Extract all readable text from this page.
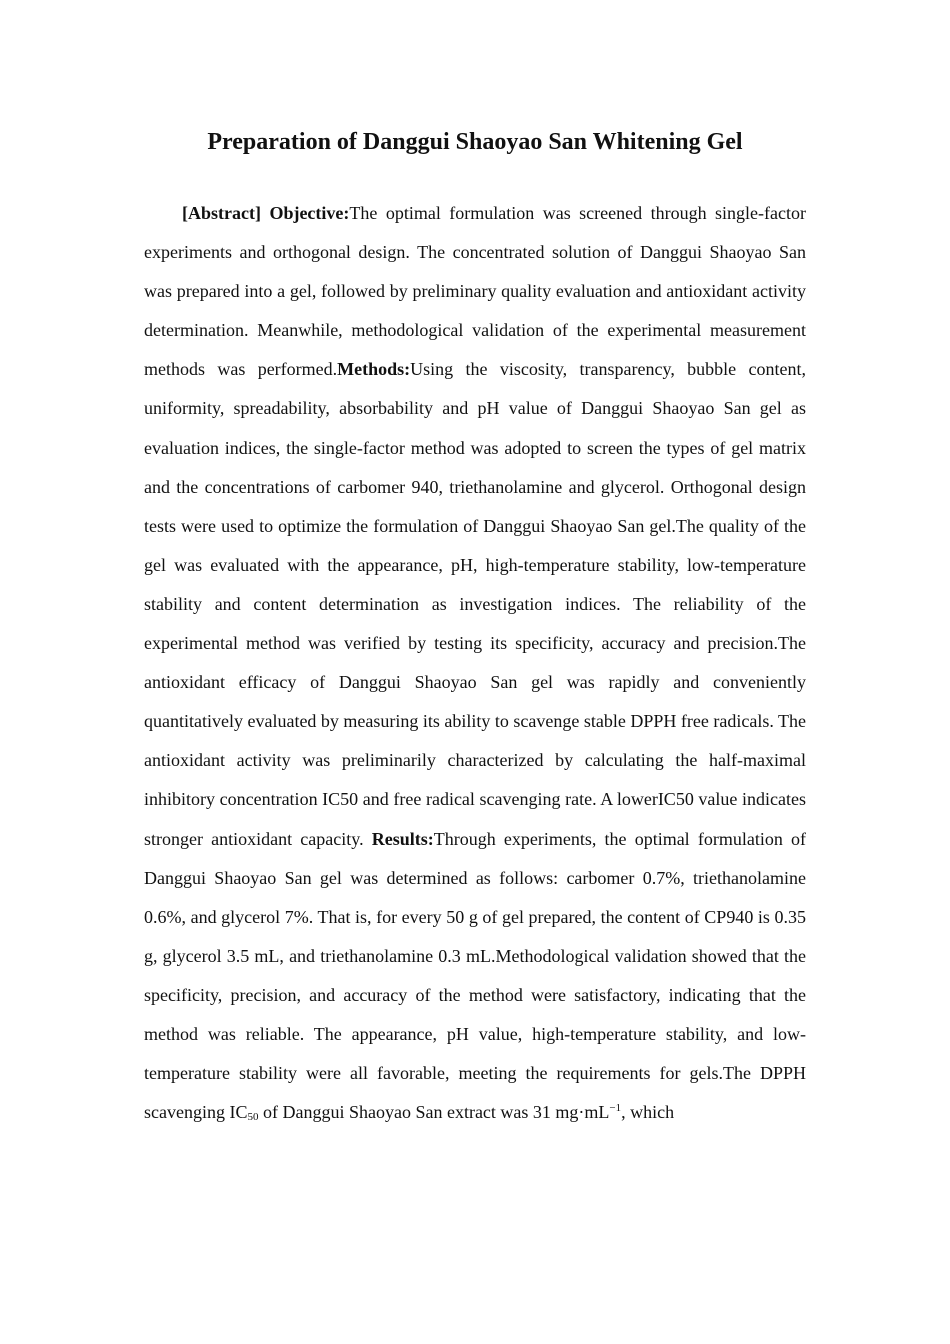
Preparation of Danggui Shaoyao San Whitening Gel

[Abstract] Objective:The optimal formulation was screened through single-factor experiments and orthogonal design. The concentrated solution of Danggui Shaoyao San was prepared into a gel, followed by preliminary quality evaluation and antioxidant activity determination. Meanwhile, methodological validation of the experimental measurement methods was performed.Methods:Using the viscosity, transparency, bubble content, uniformity, spreadability, absorbability and pH value of Danggui Shaoyao San gel as evaluation indices, the single-factor method was adopted to screen the types of gel matrix and the concentrations of carbomer 940, triethanolamine and glycerol. Orthogonal design tests were used to optimize the formulation of Danggui Shaoyao San gel.The quality of the gel was evaluated with the appearance, pH, high-temperature stability, low-temperature stability and content determination as investigation indices. The reliability of the experimental method was verified by testing its specificity, accuracy and precision.The antioxidant efficacy of Danggui Shaoyao San gel was rapidly and conveniently quantitatively evaluated by measuring its ability to scavenge stable DPPH free radicals. The antioxidant activity was preliminarily characterized by calculating the half-maximal inhibitory concentration IC50 and free radical scavenging rate. A lowerIC50 value indicates stronger antioxidant capacity. Results:Through experiments, the optimal formulation of Danggui Shaoyao San gel was determined as follows: carbomer 0.7%, triethanolamine 0.6%, and glycerol 7%. That is, for every 50 g of gel prepared, the content of CP940 is 0.35 g, glycerol 3.5 mL, and triethanolamine 0.3 mL.Methodological validation showed that the specificity, precision, and accuracy of the method were satisfactory, indicating that the method was reliable. The appearance, pH value, high-temperature stability, and low-temperature stability were all favorable, meeting the requirements for gels.The DPPH scavenging $IC_{50}$ of Danggui Shaoyao San extract was 31 $mg\cdot mL^{-1}$, which
